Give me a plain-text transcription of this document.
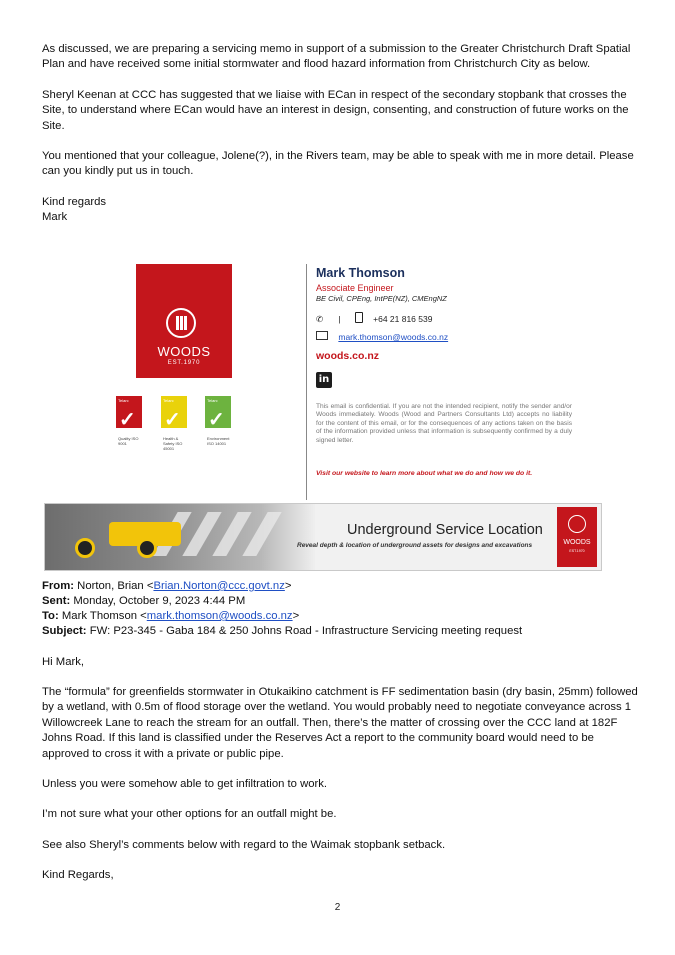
As discussed, we are preparing a servicing memo in support of a submission to the Greater Christchurch Draft Spatial Plan and have received some initial stormwater and flood hazard information from Christchurch City as below.

Sheryl Keenan at CCC has suggested that we liaise with ECan in respect of the secondary stopbank that crosses the Site, to understand where ECan would have an interest in design, consenting, and construction of future works on the Site.

You mentioned that your colleague, Jolene(?), in the Rivers team, may be able to speak with me in more detail. Please can you kindly put us in touch.

Kind regards
Mark
WOODS
EST.1970
Telarc
✓
Quality ISO 9001
Telarc
✓
Health & Safety ISO 45001
Telarc
✓
Environment ISO 14001
Mark Thomson
Associate Engineer
BE Civil, CPEng, IntPE(NZ), CMEngNZ
✆ |	+64 21 816 539
mark.thomson@woods.co.nz
woods.co.nz
in
This email is confidential. If you are not the intended recipient, notify the sender and/or Woods immediately. Woods (Wood and Partners Consultants Ltd) accepts no liability for the content of this email, or for the consequences of any actions taken on the basis of the information provided unless that information is subsequently confirmed by a duly signed letter.
Visit our website to learn more about what we do and how we do it.
Underground Service Location
Reveal depth & location of underground assets for designs and excavations	WOODS
EST.1970
From: Norton, Brian <Brian.Norton@ccc.govt.nz>
Sent: Monday, October 9, 2023 4:44 PM
To: Mark Thomson <mark.thomson@woods.co.nz>
Subject: FW: P23-345 - Gaba 184 & 250 Johns Road - Infrastructure Servicing meeting request
Hi Mark,

The “formula” for greenfields stormwater in Otukaikino catchment is FF sedimentation basin (dry basin, 25mm) followed by a wetland, with 0.5m of flood storage over the wetland. You would probably need to negotiate conveyance across 1 Willowcreek Lane to reach the stream for an outfall. Then, there’s the matter of crossing over the CCC land at 182F Johns Road. If this land is classified under the Reserves Act a report to the community board would need to be approved to cross it with a private or public pipe.

Unless you were somehow able to get infiltration to work.
I’m not sure what your other options for an outfall might be.
See also Sheryl’s comments below with regard to the Waimak stopbank setback.
Kind Regards,
2
